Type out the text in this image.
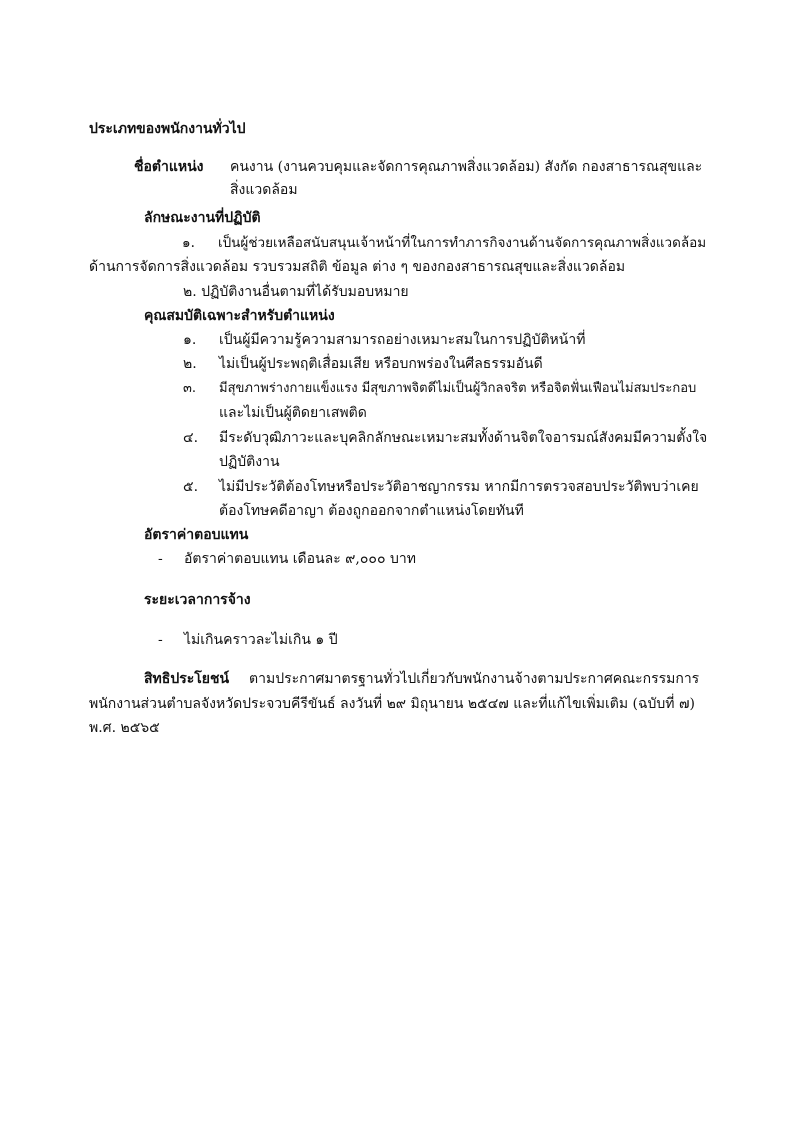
ประเภทของพนักงานทั่วไป
ชื่อตำแหน่ง คนงาน (งานควบคุมและจัดการคุณภาพสิ่งแวดล้อม) สังกัด กองสาธารณสุขและ
สิ่งแวดล้อม
ลักษณะงานที่ปฏิบัติ
๑. เป็นผู้ช่วยเหลือสนับสนุนเจ้าหน้าที่ในการทำภารกิจงานด้านจัดการคุณภาพสิ่งแวดล้อม
ด้านการจัดการสิ่งแวดล้อม รวบรวมสถิติ ข้อมูล ต่าง ๆ ของกองสาธารณสุขและสิ่งแวดล้อม
๒. ปฏิบัติงานอื่นตามที่ได้รับมอบหมาย
คุณสมบัติเฉพาะสำหรับตำแหน่ง
๑. เป็นผู้มีความรู้ความสามารถอย่างเหมาะสมในการปฏิบัติหน้าที่
๒. ไม่เป็นผู้ประพฤติเสื่อมเสีย หรือบกพร่องในศีลธรรมอันดี
๓. มีสุขภาพร่างกายแข็งแรง มีสุขภาพจิตดีไม่เป็นผู้วิกลจริต หรือจิตฟั่นเฟือนไม่สมประกอบ
และไม่เป็นผู้ติดยาเสพติด
๔. มีระดับวุฒิภาวะและบุคลิกลักษณะเหมาะสมทั้งด้านจิตใจอารมณ์สังคมมีความตั้งใจ
ปฏิบัติงาน
๕. ไม่มีประวัติต้องโทษหรือประวัติอาชญากรรม หากมีการตรวจสอบประวัติพบว่าเคย
ต้องโทษคดีอาญา ต้องถูกออกจากตำแหน่งโดยทันที
อัตราค่าตอบแทน
- อัตราค่าตอบแทน เดือนละ ๙,๐๐๐ บาท
ระยะเวลาการจ้าง
- ไม่เกินคราวละไม่เกิน ๑ ปี
สิทธิประโยชน์ ตามประกาศมาตรฐานทั่วไปเกี่ยวกับพนักงานจ้างตามประกาศคณะกรรมการ
พนักงานส่วนตำบลจังหวัดประจวบคีรีขันธ์ ลงวันที่ ๒๙ มิถุนายน ๒๕๔๗ และที่แก้ไขเพิ่มเติม (ฉบับที่ ๗)
พ.ศ. ๒๕๖๕
